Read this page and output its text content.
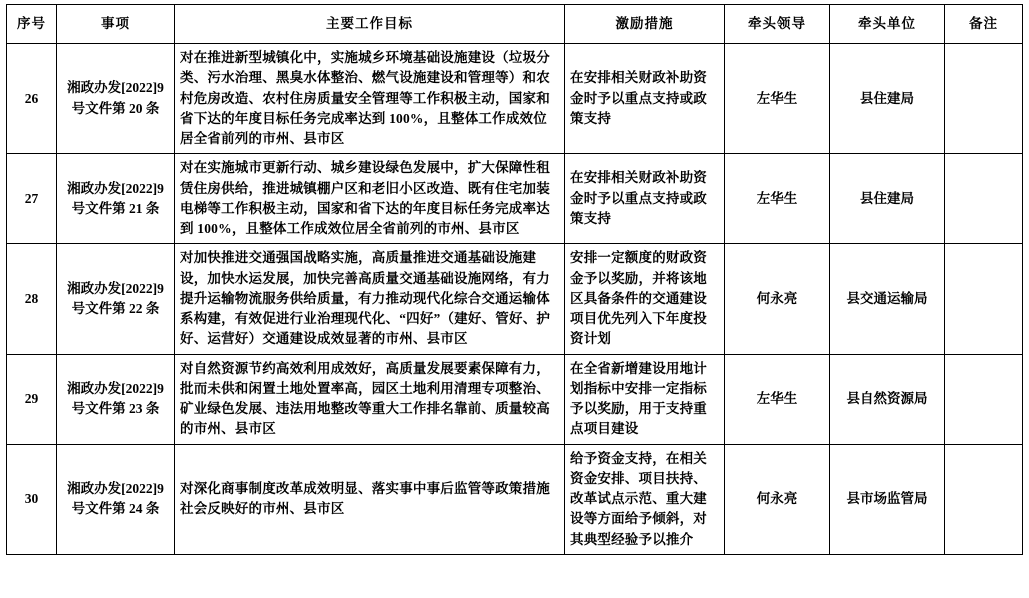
序号	事项	主要工作目标	激励措施	牵头领导	牵头单位	备注
26	湘政办发[2022]9号文件第 20 条	对在推进新型城镇化中，实施城乡环境基础设施建设（垃圾分类、污水治理、黑臭水体整治、燃气设施建设和管理等）和农村危房改造、农村住房质量安全管理等工作积极主动，国家和省下达的年度目标任务完成率达到 100%，且整体工作成效位居全省前列的市州、县市区	在安排相关财政补助资金时予以重点支持或政策支持	左华生	县住建局	
27	湘政办发[2022]9号文件第 21 条	对在实施城市更新行动、城乡建设绿色发展中，扩大保障性租赁住房供给，推进城镇棚户区和老旧小区改造、既有住宅加装电梯等工作积极主动，国家和省下达的年度目标任务完成率达到 100%，且整体工作成效位居全省前列的市州、县市区	在安排相关财政补助资金时予以重点支持或政策支持	左华生	县住建局	
28	湘政办发[2022]9号文件第 22 条	对加快推进交通强国战略实施，高质量推进交通基础设施建设，加快水运发展，加快完善高质量交通基础设施网络，有力提升运输物流服务供给质量，有力推动现代化综合交通运输体系构建，有效促进行业治理现代化、“四好”（建好、管好、护好、运营好）交通建设成效显著的市州、县市区	安排一定额度的财政资金予以奖励，并将该地区具备条件的交通建设项目优先列入下年度投资计划	何永亮	县交通运输局	
29	湘政办发[2022]9号文件第 23 条	对自然资源节约高效利用成效好，高质量发展要素保障有力，批而未供和闲置土地处置率高，园区土地利用清理专项整治、矿业绿色发展、违法用地整改等重大工作排名靠前、质量较高的市州、县市区	在全省新增建设用地计划指标中安排一定指标予以奖励，用于支持重点项目建设	左华生	县自然资源局	
30	湘政办发[2022]9号文件第 24 条	对深化商事制度改革成效明显、落实事中事后监管等政策措施社会反映好的市州、县市区	给予资金支持，在相关资金安排、项目扶持、改革试点示范、重大建设等方面给予倾斜，对其典型经验予以推介	何永亮	县市场监管局	
